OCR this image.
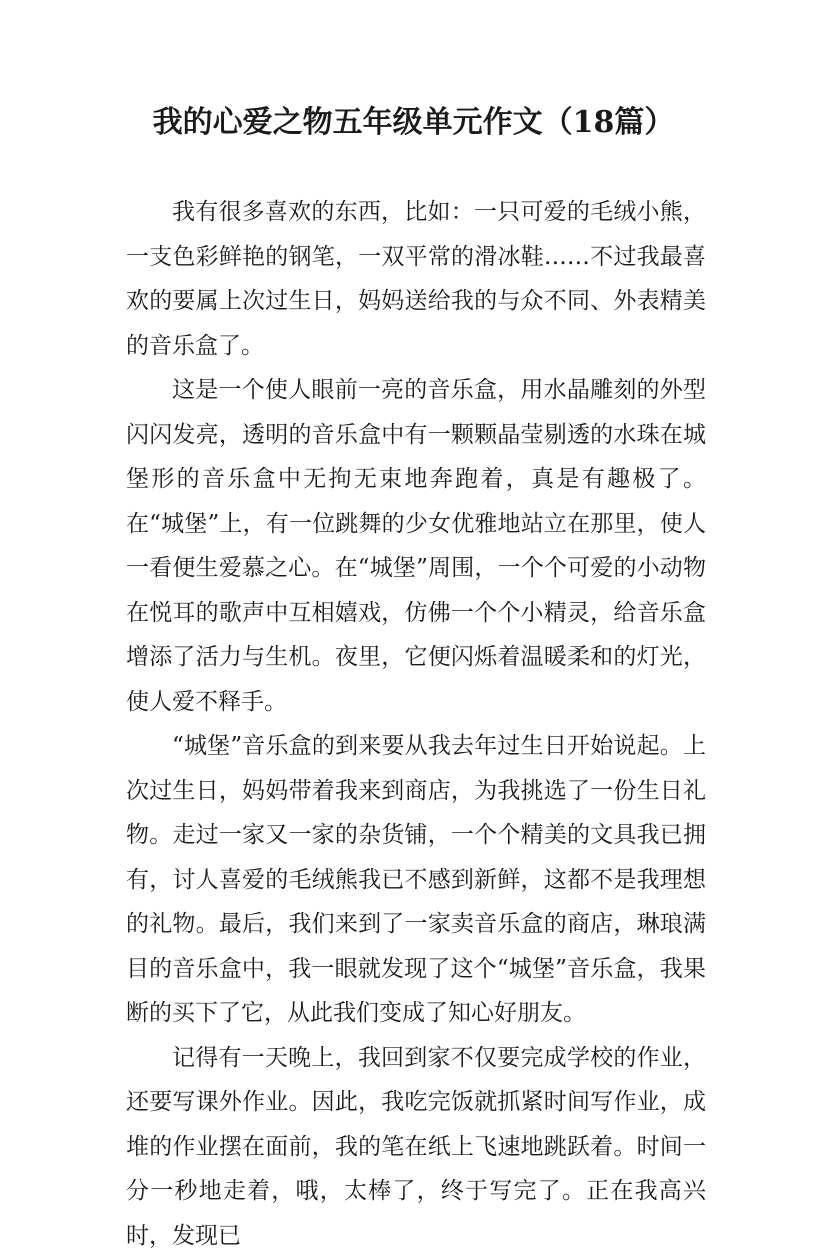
我的心爱之物五年级单元作文（18篇）

我有很多喜欢的东西，比如：一只可爱的毛绒小熊，一支色彩鲜艳的钢笔，一双平常的滑冰鞋……不过我最喜欢的要属上次过生日，妈妈送给我的与众不同、外表精美的音乐盒了。

这是一个使人眼前一亮的音乐盒，用水晶雕刻的外型闪闪发亮，透明的音乐盒中有一颗颗晶莹剔透的水珠在城堡形的音乐盒中无拘无束地奔跑着，真是有趣极了。在“城堡”上，有一位跳舞的少女优雅地站立在那里，使人一看便生爱慕之心。在“城堡”周围，一个个可爱的小动物在悦耳的歌声中互相嬉戏，仿佛一个个小精灵，给音乐盒增添了活力与生机。夜里，它便闪烁着温暖柔和的灯光，使人爱不释手。

“城堡”音乐盒的到来要从我去年过生日开始说起。上次过生日，妈妈带着我来到商店，为我挑选了一份生日礼物。走过一家又一家的杂货铺，一个个精美的文具我已拥有，讨人喜爱的毛绒熊我已不感到新鲜，这都不是我理想的礼物。最后，我们来到了一家卖音乐盒的商店，琳琅满目的音乐盒中，我一眼就发现了这个“城堡”音乐盒，我果断的买下了它，从此我们变成了知心好朋友。

记得有一天晚上，我回到家不仅要完成学校的作业，还要写课外作业。因此，我吃完饭就抓紧时间写作业，成堆的作业摆在面前，我的笔在纸上飞速地跳跃着。时间一分一秒地走着，哦，太棒了，终于写完了。正在我高兴时，发现已
